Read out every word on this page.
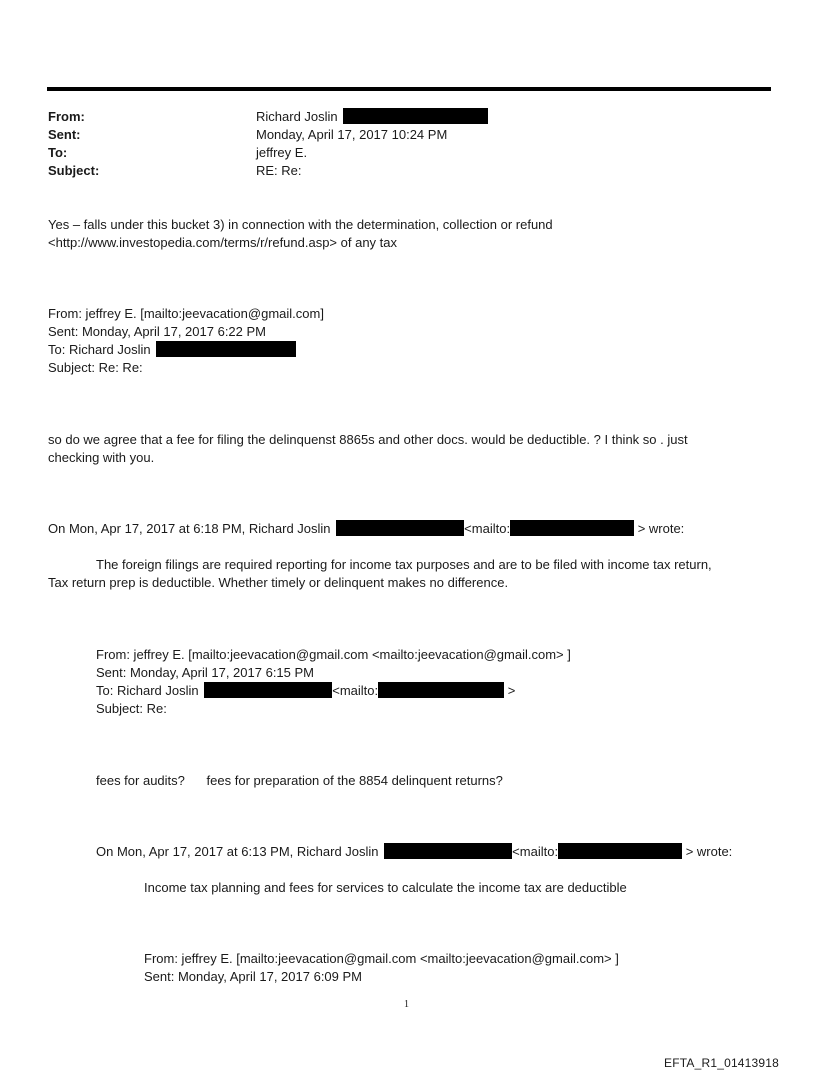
From:	Richard Joslin
Sent:	Monday, April 17, 2017 10:24 PM
To:	jeffrey E.
Subject:	RE: Re:
Yes – falls under this bucket 3) in connection with the determination, collection or refund
<http://www.investopedia.com/terms/r/refund.asp> of any tax
From: jeffrey E. [mailto:jeevacation@gmail.com]
Sent: Monday, April 17, 2017 6:22 PM
To: Richard Joslin
Subject: Re: Re:
so do we agree that a fee for filing the delinquenst 8865s and other docs. would be deductible. ? I think so . just
checking with you.
On Mon, Apr 17, 2017 at 6:18 PM, Richard Joslin	<mailto:	> wrote:
The foreign filings are required reporting for income tax purposes and are to be filed with income tax return,
Tax return prep is deductible. Whether timely or delinquent makes no difference.
From: jeffrey E. [mailto:jeevacation@gmail.com <mailto:jeevacation@gmail.com> ]
Sent: Monday, April 17, 2017 6:15 PM
To: Richard Joslin	<mailto:	>
Subject: Re:
fees for audits?      fees for preparation of the 8854 delinquent returns?
On Mon, Apr 17, 2017 at 6:13 PM, Richard Joslin	<mailto:	> wrote:
Income tax planning and fees for services to calculate the income tax are deductible
From: jeffrey E. [mailto:jeevacation@gmail.com <mailto:jeevacation@gmail.com> ]
Sent: Monday, April 17, 2017 6:09 PM
1
EFTA_R1_01413918
